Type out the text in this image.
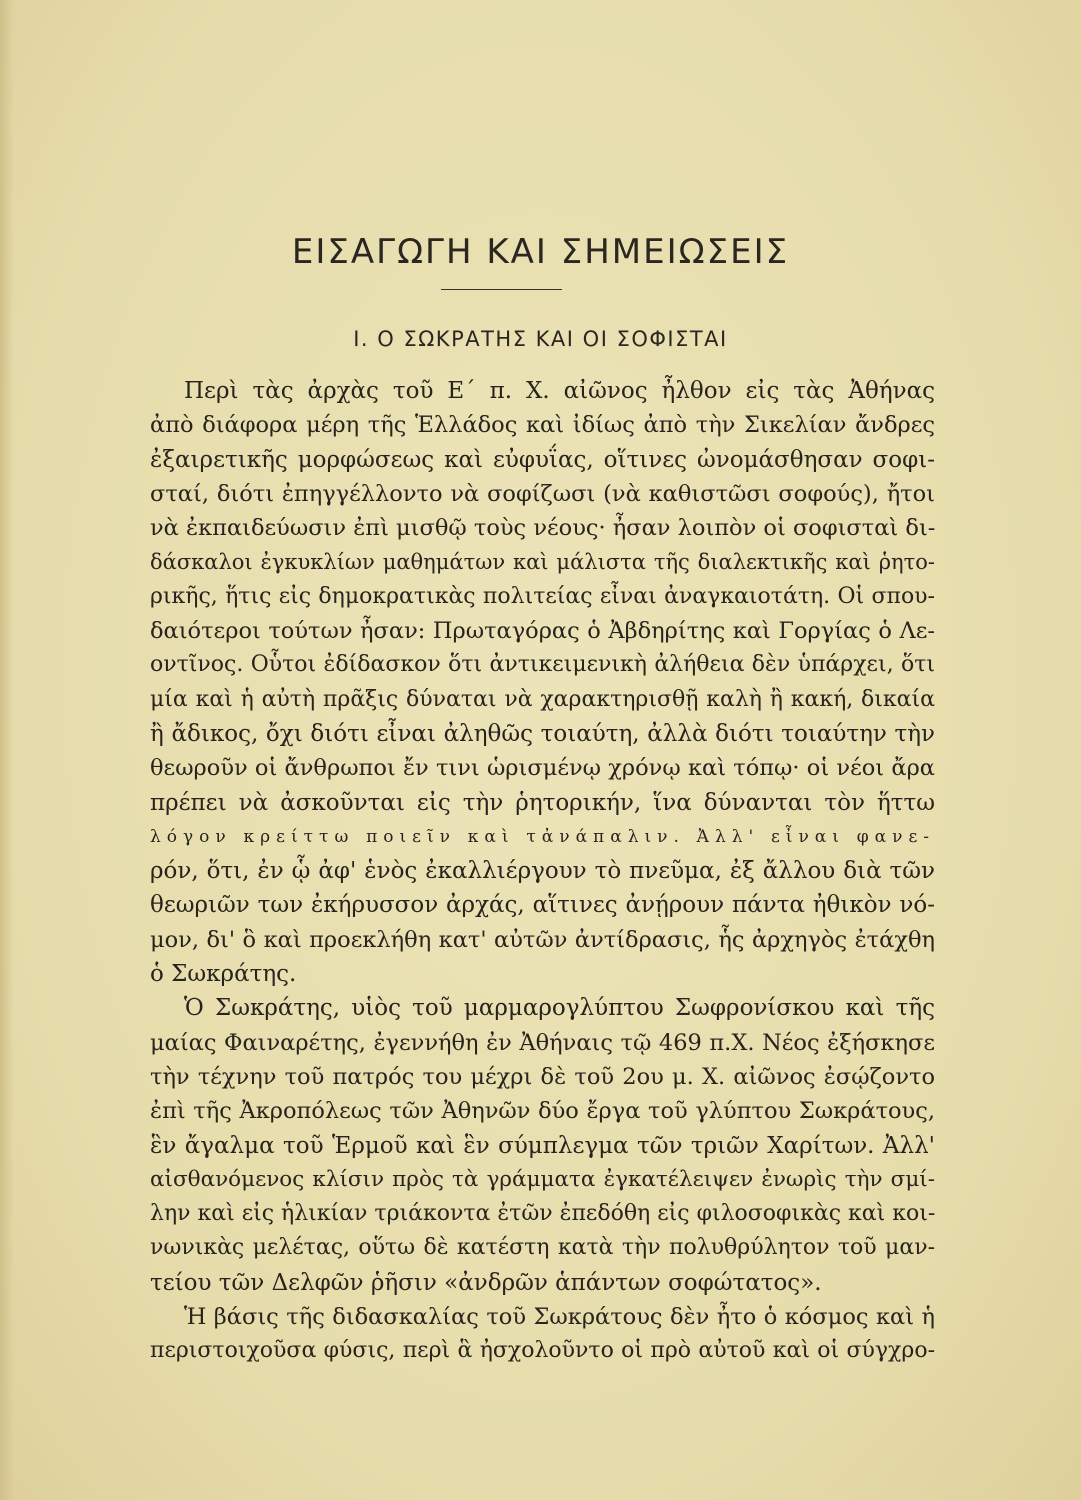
ΕΙΣΑΓΩΓΗ ΚΑΙ ΣΗΜΕΙΩΣΕΙΣ
Ι. Ο ΣΩΚΡΑΤΗΣ ΚΑΙ ΟΙ ΣΟΦΙΣΤΑΙ
Περὶ τὰς ἀρχὰς τοῦ Ε΄ π. Χ. αἰῶνος ἦλθον εἰς τὰς Ἀθήνας
ἀπὸ διάφορα μέρη τῆς Ἑλλάδος καὶ ἰδίως ἀπὸ τὴν Σικελίαν ἄνδρες
ἐξαιρετικῆς μορφώσεως καὶ εὐφυΐας, οἵτινες ὠνομάσθησαν σοφι-
σταί, διότι ἐπηγγέλλοντο νὰ σοφίζωσι (νὰ καθιστῶσι σοφούς), ἤτοι
νὰ ἐκπαιδεύωσιν ἐπὶ μισθῷ τοὺς νέους· ἦσαν λοιπὸν οἱ σοφισταὶ δι-
δάσκαλοι ἐγκυκλίων μαθημάτων καὶ μάλιστα τῆς διαλεκτικῆς καὶ ῥητο-
ρικῆς, ἥτις εἰς δημοκρατικὰς πολιτείας εἶναι ἀναγκαιοτάτη. Οἱ σπου-
δαιότεροι τούτων ἦσαν: Πρωταγόρας ὁ Ἀβδηρίτης καὶ Γοργίας ὁ Λε-
οντῖνος. Οὗτοι ἐδίδασκον ὅτι ἀντικειμενικὴ ἀλήθεια δὲν ὑπάρχει, ὅτι
μία καὶ ἡ αὐτὴ πρᾶξις δύναται νὰ χαρακτηρισθῇ καλὴ ἢ κακή, δικαία
ἢ ἄδικος, ὄχι διότι εἶναι ἀληθῶς τοιαύτη, ἀλλὰ διότι τοιαύτην τὴν
θεωροῦν οἱ ἄνθρωποι ἔν τινι ὡρισμένῳ χρόνῳ καὶ τόπῳ· οἱ νέοι ἄρα
πρέπει νὰ ἀσκοῦνται εἰς τὴν ῥητορικήν, ἵνα δύνανται τὸν ἥττω
λόγον κρείττω ποιεῖν καὶ τἀνάπαλιν. Ἀλλ' εἶναι φανε-
ρόν, ὅτι, ἐν ᾧ ἀφ' ἑνὸς ἐκαλλιέργουν τὸ πνεῦμα, ἐξ ἄλλου διὰ τῶν
θεωριῶν των ἐκήρυσσον ἀρχάς, αἵτινες ἀνῄρουν πάντα ἠθικὸν νό-
μον, δι' ὃ καὶ προεκλήθη κατ' αὐτῶν ἀντίδρασις, ἧς ἀρχηγὸς ἐτάχθη
ὁ Σωκράτης.
Ὁ Σωκράτης, υἱὸς τοῦ μαρμαρογλύπτου Σωφρονίσκου καὶ τῆς
μαίας Φαιναρέτης, ἐγεννήθη ἐν Ἀθήναις τῷ 469 π.Χ. Νέος ἐξήσκησε
τὴν τέχνην τοῦ πατρός του μέχρι δὲ τοῦ 2ου μ. Χ. αἰῶνος ἐσῴζοντο
ἐπὶ τῆς Ἀκροπόλεως τῶν Ἀθηνῶν δύο ἔργα τοῦ γλύπτου Σωκράτους,
ἓν ἄγαλμα τοῦ Ἑρμοῦ καὶ ἓν σύμπλεγμα τῶν τριῶν Χαρίτων. Ἀλλ'
αἰσθανόμενος κλίσιν πρὸς τὰ γράμματα ἐγκατέλειψεν ἐνωρὶς τὴν σμί-
λην καὶ εἰς ἡλικίαν τριάκοντα ἐτῶν ἐπεδόθη εἰς φιλοσοφικὰς καὶ κοι-
νωνικὰς μελέτας, οὕτω δὲ κατέστη κατὰ τὴν πολυθρύλητον τοῦ μαν-
τείου τῶν Δελφῶν ῥῆσιν «ἀνδρῶν ἁπάντων σοφώτατος».
Ἡ βάσις τῆς διδασκαλίας τοῦ Σωκράτους δὲν ἦτο ὁ κόσμος καὶ ἡ
περιστοιχοῦσα φύσις, περὶ ἃ ἠσχολοῦντο οἱ πρὸ αὐτοῦ καὶ οἱ σύγχρο-
